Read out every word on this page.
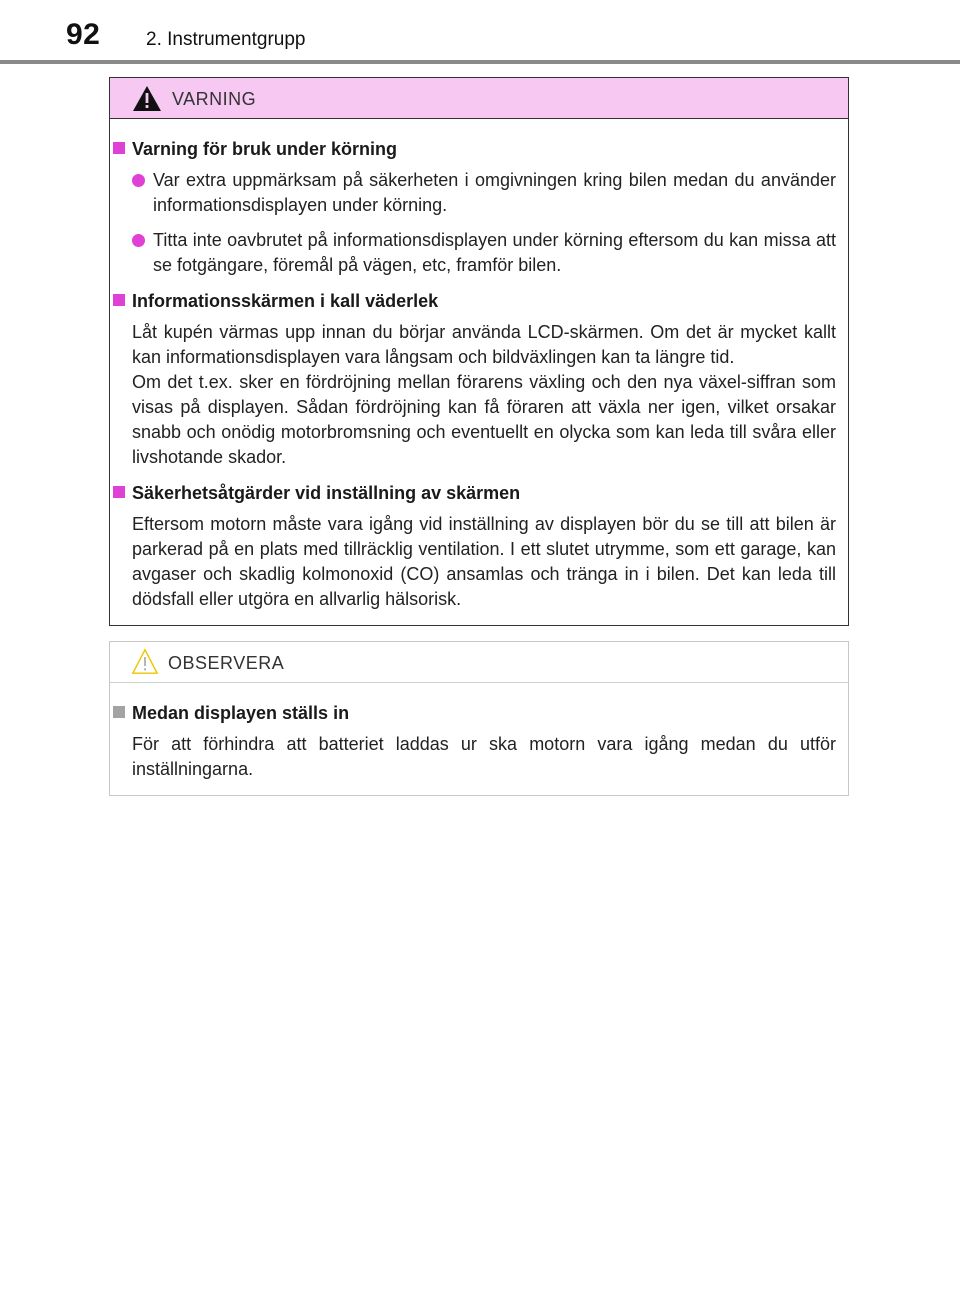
92 2. Instrumentgrupp
VARNING
Varning för bruk under körning
Var extra uppmärksam på säkerheten i omgivningen kring bilen medan du använder informationsdisplayen under körning.
Titta inte oavbrutet på informationsdisplayen under körning eftersom du kan missa att se fotgängare, föremål på vägen, etc, framför bilen.
Informationsskärmen i kall väderlek
Låt kupén värmas upp innan du börjar använda LCD-skärmen. Om det är mycket kallt kan informationsdisplayen vara långsam och bildväxlingen kan ta längre tid.
Om det t.ex. sker en fördröjning mellan förarens växling och den nya växel-siffran som visas på displayen. Sådan fördröjning kan få föraren att växla ner igen, vilket orsakar snabb och onödig motorbromsning och eventuellt en olycka som kan leda till svåra eller livshotande skador.
Säkerhetsåtgärder vid inställning av skärmen
Eftersom motorn måste vara igång vid inställning av displayen bör du se till att bilen är parkerad på en plats med tillräcklig ventilation. I ett slutet utrymme, som ett garage, kan avgaser och skadlig kolmonoxid (CO) ansamlas och tränga in i bilen. Det kan leda till dödsfall eller utgöra en allvarlig hälsorisk.
OBSERVERA
Medan displayen ställs in
För att förhindra att batteriet laddas ur ska motorn vara igång medan du utför inställningarna.
